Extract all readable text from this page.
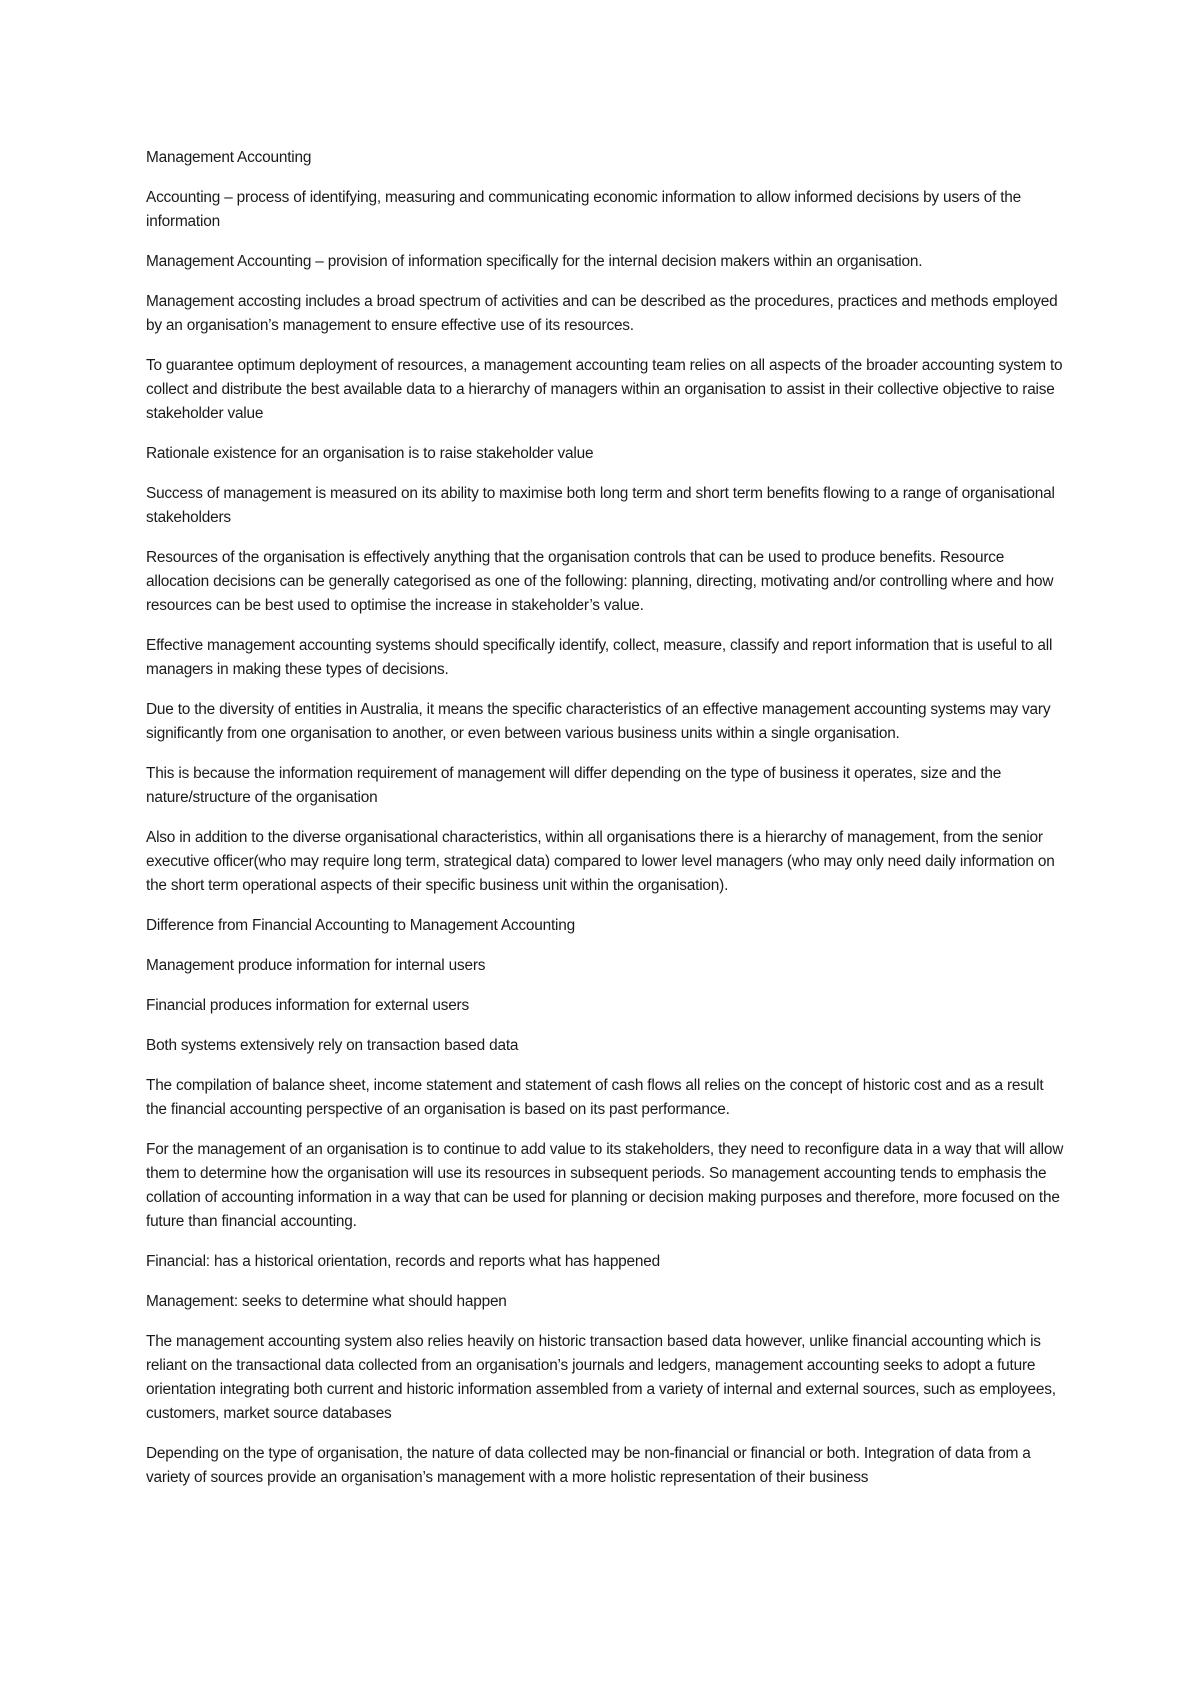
Management Accounting

Accounting – process of identifying, measuring and communicating economic information to allow informed decisions by users of the information

Management Accounting – provision of information specifically for the internal decision makers within an organisation.

Management accosting includes a broad spectrum of activities and can be described as the procedures, practices and methods employed by an organisation’s management to ensure effective use of its resources.

To guarantee optimum deployment of resources, a management accounting team relies on all aspects of the broader accounting system to collect and distribute the best available data to a hierarchy of managers within an organisation to assist in their collective objective to raise stakeholder value

Rationale existence for an organisation is to raise stakeholder value

Success of management is measured on its ability to maximise both long term and short term benefits flowing to a range of organisational stakeholders

Resources of the organisation is effectively anything that the organisation controls that can be used to produce benefits. Resource allocation decisions can be generally categorised as one of the following: planning, directing, motivating and/or controlling where and how resources can be best used to optimise the increase in stakeholder’s value.

Effective management accounting systems should specifically identify, collect, measure, classify and report information that is useful to all managers in making these types of decisions.

Due to the diversity of entities in Australia, it means the specific characteristics of an effective management accounting systems may vary significantly from one organisation to another, or even between various business units within a single organisation.

This is because the information requirement of management will differ depending on the type of business it operates, size and the nature/structure of the organisation

Also in addition to the diverse organisational characteristics, within all organisations there is a hierarchy of management, from the senior executive officer(who may require long term, strategical data) compared to lower level managers (who may only need daily information on the short term operational aspects of their specific business unit within the organisation).

Difference from Financial Accounting to Management Accounting

Management produce information for internal users

Financial produces information for external users

Both systems extensively rely on transaction based data

The compilation of balance sheet, income statement and statement of cash flows all relies on the concept of historic cost and as a result the financial accounting perspective of an organisation is based on its past performance.

For the management of an organisation is to continue to add value to its stakeholders, they need to reconfigure data in a way that will allow them to determine how the organisation will use its resources in subsequent periods. So management accounting tends to emphasis the collation of accounting information in a way that can be used for planning or decision making purposes and therefore, more focused on the future than financial accounting.

Financial: has a historical orientation, records and reports what has happened

Management: seeks to determine what should happen

The management accounting system also relies heavily on historic transaction based data however, unlike financial accounting which is reliant on the transactional data collected from an organisation’s journals and ledgers, management accounting seeks to adopt a future orientation integrating both current and historic information assembled from a variety of internal and external sources, such as employees, customers, market source databases

Depending on the type of organisation, the nature of data collected may be non-financial or financial or both. Integration of data from a variety of sources provide an organisation’s management with a more holistic representation of their business
